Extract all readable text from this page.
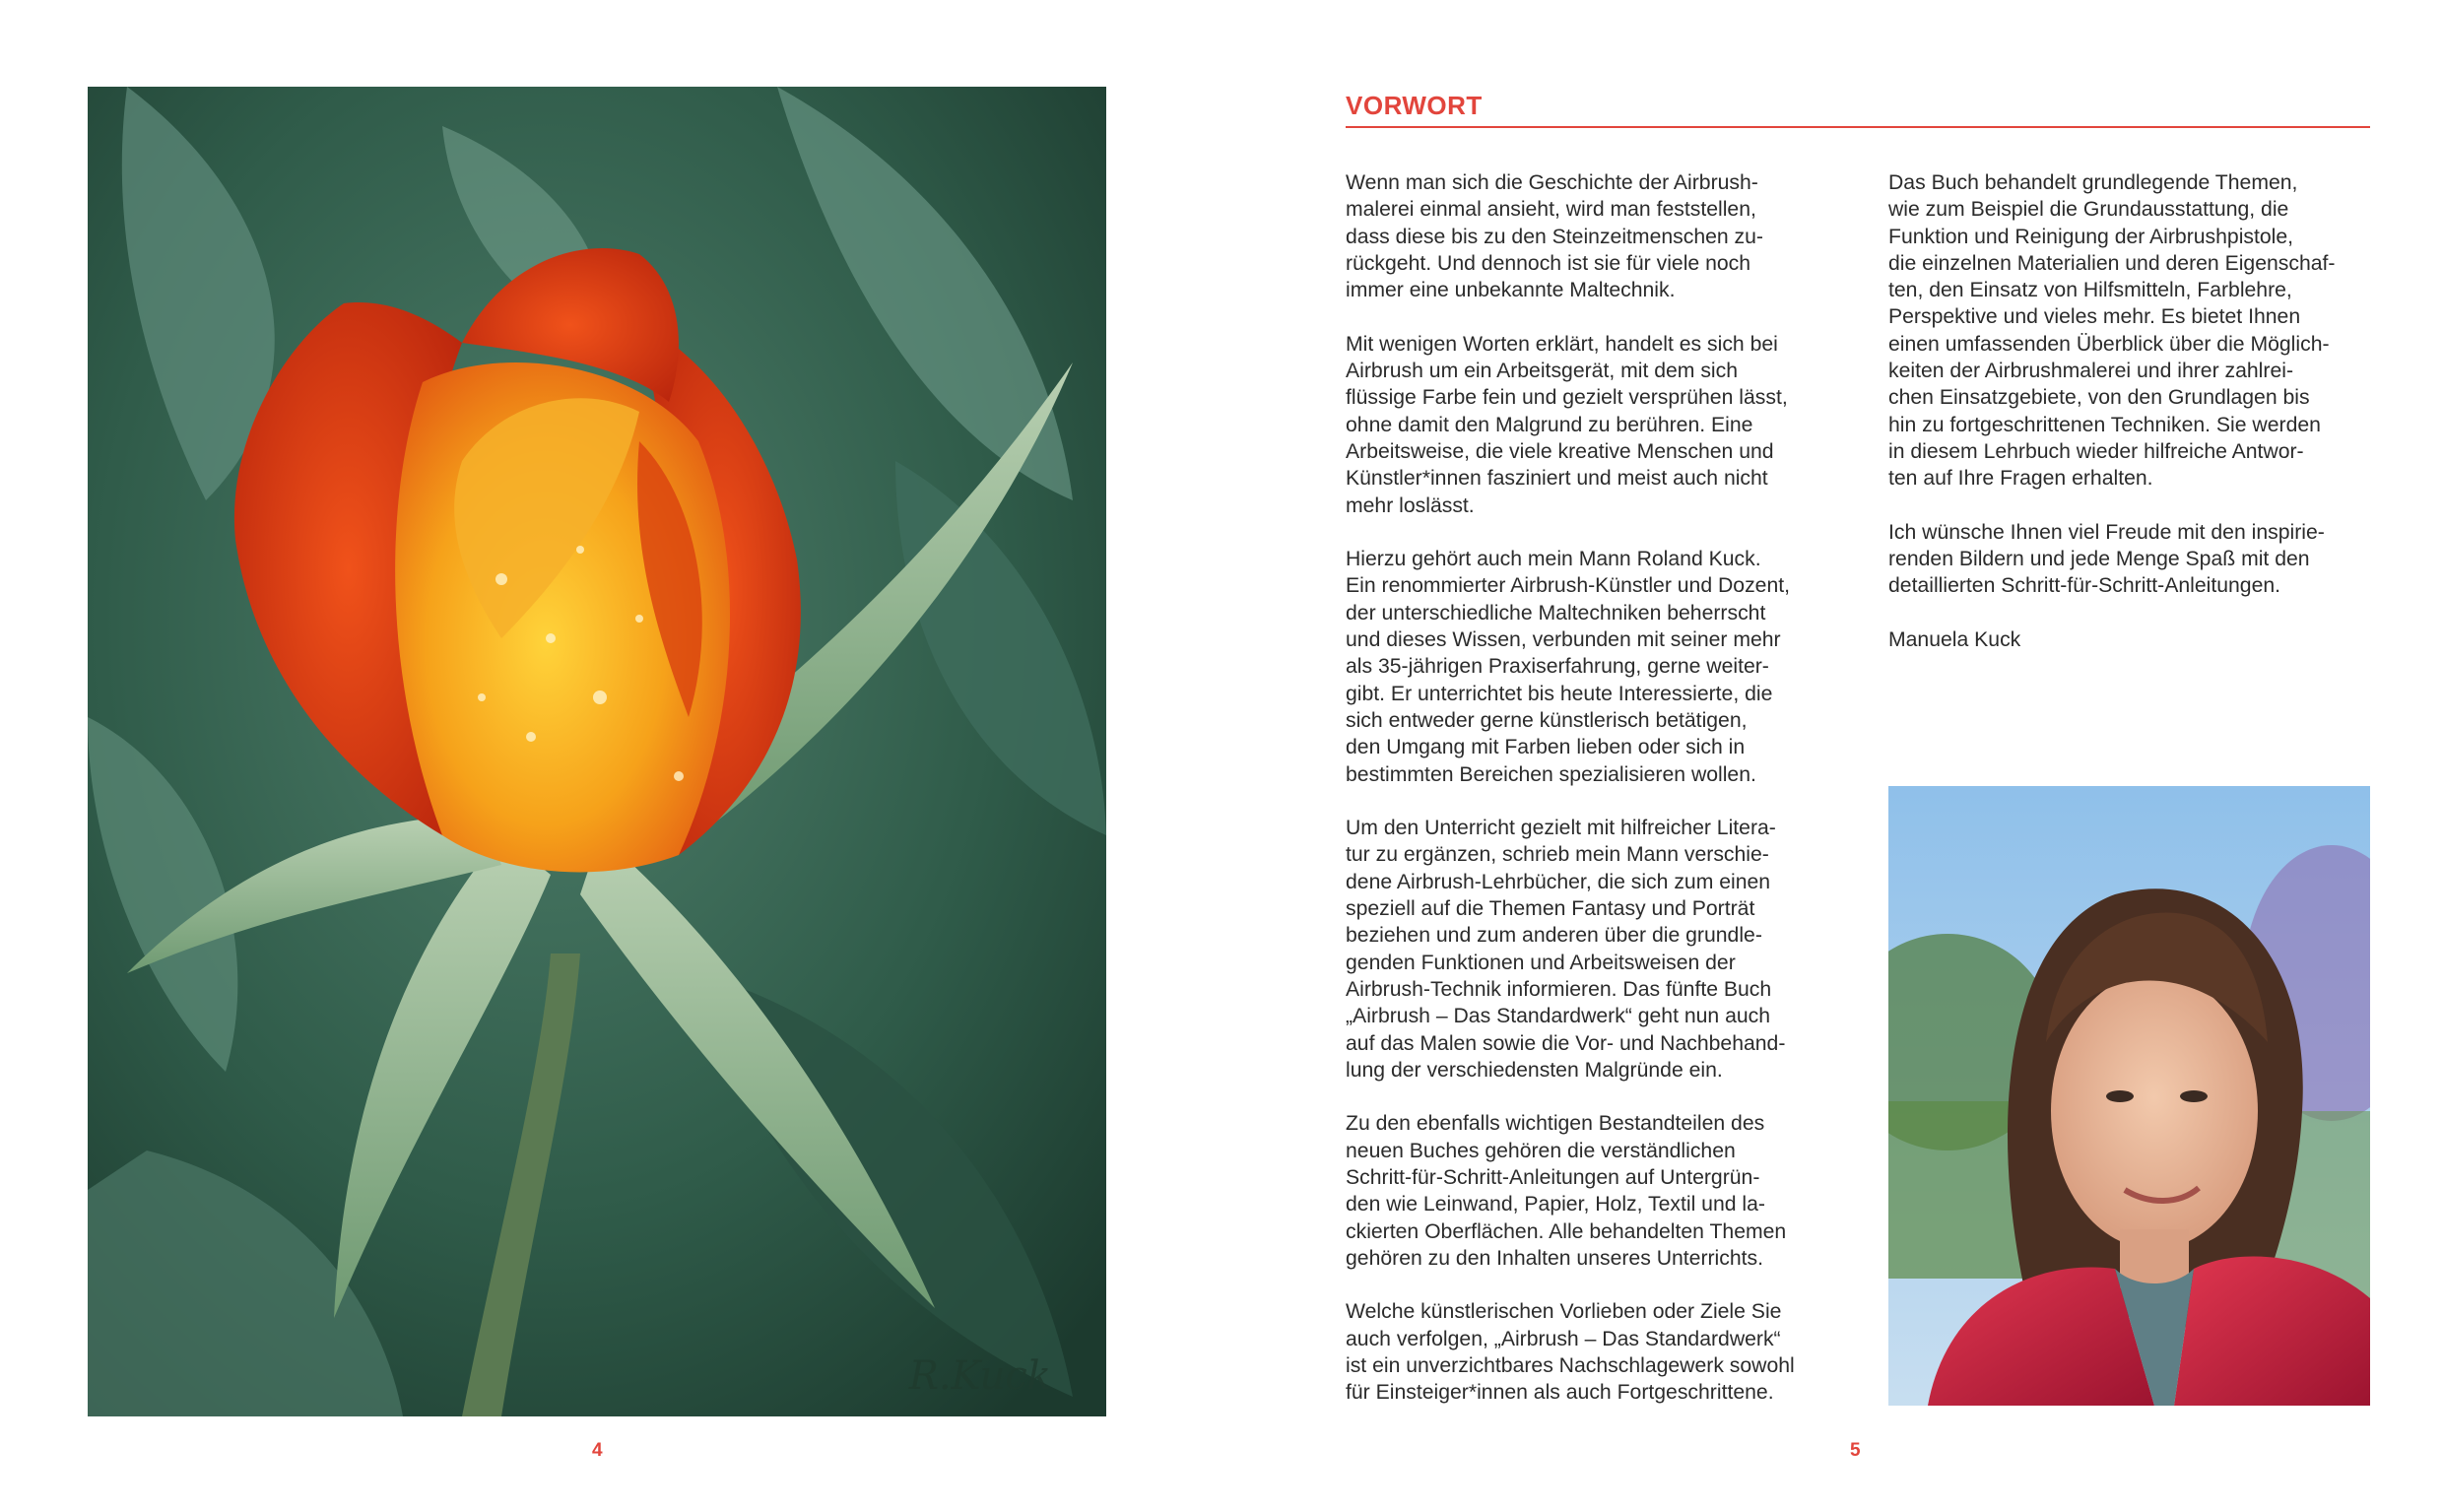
R.Kuck
4
VORWORT

Wenn man sich die Geschichte der Airbrush-
malerei einmal ansieht, wird man feststellen,
dass diese bis zu den Steinzeitmenschen zu-
rückgeht. Und dennoch ist sie für viele noch
immer eine unbekannte Maltechnik.

Mit wenigen Worten erklärt, handelt es sich bei
Airbrush um ein Arbeitsgerät, mit dem sich
flüssige Farbe fein und gezielt versprühen lässt,
ohne damit den Malgrund zu berühren. Eine
Arbeitsweise, die viele kreative Menschen und
Künstler*innen fasziniert und meist auch nicht
mehr loslässt.

Hierzu gehört auch mein Mann Roland Kuck.
Ein renommierter Airbrush-Künstler und Dozent,
der unterschiedliche Maltechniken beherrscht
und dieses Wissen, verbunden mit seiner mehr
als 35-jährigen Praxiserfahrung, gerne weiter-
gibt. Er unterrichtet bis heute Interessierte, die
sich entweder gerne künstlerisch betätigen,
den Umgang mit Farben lieben oder sich in
bestimmten Bereichen spezialisieren wollen.

Um den Unterricht gezielt mit hilfreicher Litera-
tur zu ergänzen, schrieb mein Mann verschie-
dene Airbrush-Lehrbücher, die sich zum einen
speziell auf die Themen Fantasy und Porträt
beziehen und zum anderen über die grundle-
genden Funktionen und Arbeitsweisen der
Airbrush-Technik informieren. Das fünfte Buch
„Airbrush – Das Standardwerk“ geht nun auch
auf das Malen sowie die Vor- und Nachbehand-
lung der verschiedensten Malgründe ein.

Zu den ebenfalls wichtigen Bestandteilen des
neuen Buches gehören die verständlichen
Schritt-für-Schritt-Anleitungen auf Untergrün-
den wie Leinwand, Papier, Holz, Textil und la-
ckierten Oberflächen. Alle behandelten Themen
gehören zu den Inhalten unseres Unterrichts.

Welche künstlerischen Vorlieben oder Ziele Sie
auch verfolgen, „Airbrush – Das Standardwerk“
ist ein unverzichtbares Nachschlagewerk sowohl
für Einsteiger*innen als auch Fortgeschrittene.

Das Buch behandelt grundlegende Themen,
wie zum Beispiel die Grundausstattung, die
Funktion und Reinigung der Airbrushpistole,
die einzelnen Materialien und deren Eigenschaf-
ten, den Einsatz von Hilfsmitteln, Farblehre,
Perspektive und vieles mehr. Es bietet Ihnen
einen umfassenden Überblick über die Möglich-
keiten der Airbrushmalerei und ihrer zahlrei-
chen Einsatzgebiete, von den Grundlagen bis
hin zu fortgeschrittenen Techniken. Sie werden
in diesem Lehrbuch wieder hilfreiche Antwor-
ten auf Ihre Fragen erhalten.

Ich wünsche Ihnen viel Freude mit den inspirie-
renden Bildern und jede Menge Spaß mit den
detaillierten Schritt-für-Schritt-Anleitungen.

Manuela Kuck

5
